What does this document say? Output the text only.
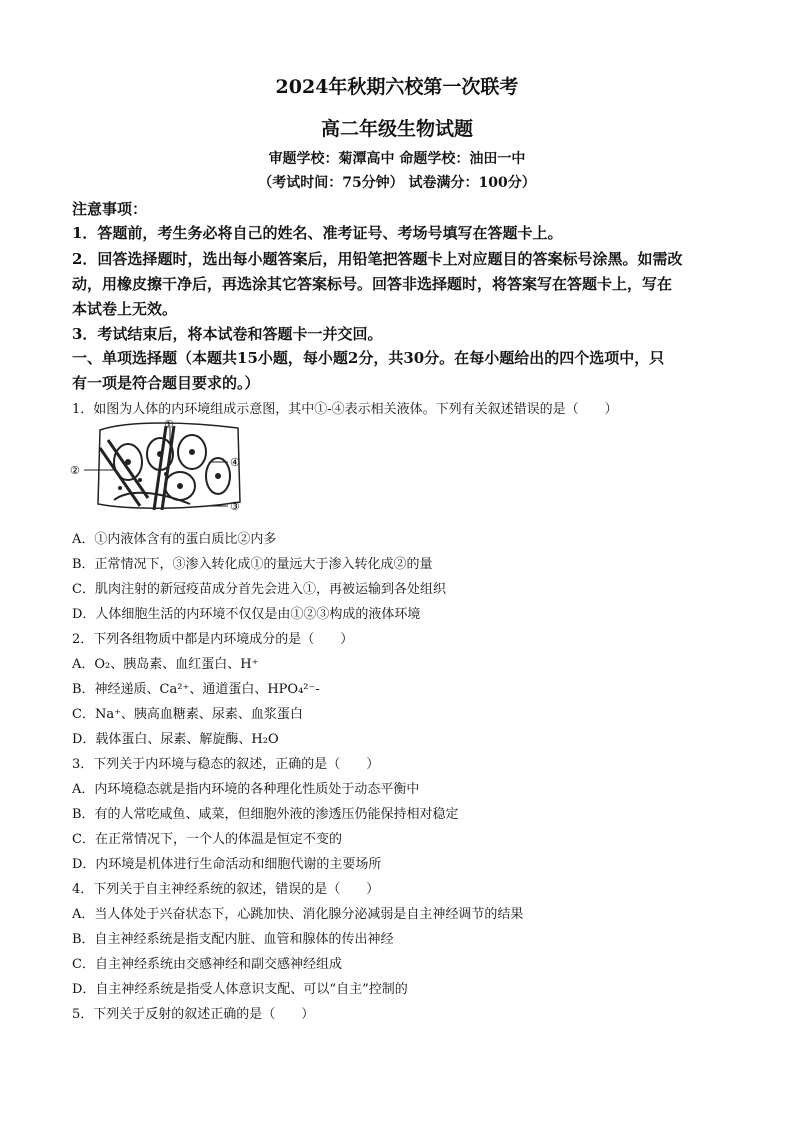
2024年秋期六校第一次联考
高二年级生物试题
审题学校：菊潭高中 命题学校：油田一中
（考试时间：75分钟） 试卷满分：100分）
注意事项：
1．答题前，考生务必将自己的姓名、准考证号、考场号填写在答题卡上。
2．回答选择题时，选出每小题答案后，用铅笔把答题卡上对应题目的答案标号涂黑。如需改
动，用橡皮擦干净后，再选涂其它答案标号。回答非选择题时，将答案写在答题卡上，写在
本试卷上无效。
3．考试结束后，将本试卷和答题卡一并交回。
一、单项选择题（本题共15小题，每小题2分，共30分。在每小题给出的四个选项中，只
有一项是符合题目要求的。）
1．如图为人体的内环境组成示意图，其中①-④表示相关液体。下列有关叙述错误的是（　　）
①
②
④
③
A．①内液体含有的蛋白质比②内多
B．正常情况下，③渗入转化成①的量远大于渗入转化成②的量
C．肌肉注射的新冠疫苗成分首先会进入①，再被运输到各处组织
D．人体细胞生活的内环境不仅仅是由①②③构成的液体环境
2．下列各组物质中都是内环境成分的是（　　）
A．O₂、胰岛素、血红蛋白、H⁺
B．神经递质、Ca²⁺、通道蛋白、HPO₄²⁻-
C．Na⁺、胰高血糖素、尿素、血浆蛋白
D．载体蛋白、尿素、解旋酶、H₂O
3．下列关于内环境与稳态的叙述，正确的是（　　）
A．内环境稳态就是指内环境的各种理化性质处于动态平衡中
B．有的人常吃咸鱼、咸菜，但细胞外液的渗透压仍能保持相对稳定
C．在正常情况下，一个人的体温是恒定不变的
D．内环境是机体进行生命活动和细胞代谢的主要场所
4．下列关于自主神经系统的叙述，错误的是（　　）
A．当人体处于兴奋状态下，心跳加快、消化腺分泌减弱是自主神经调节的结果
B．自主神经系统是指支配内脏、血管和腺体的传出神经
C．自主神经系统由交感神经和副交感神经组成
D．自主神经系统是指受人体意识支配、可以“自主”控制的
5．下列关于反射的叙述正确的是（　　）
